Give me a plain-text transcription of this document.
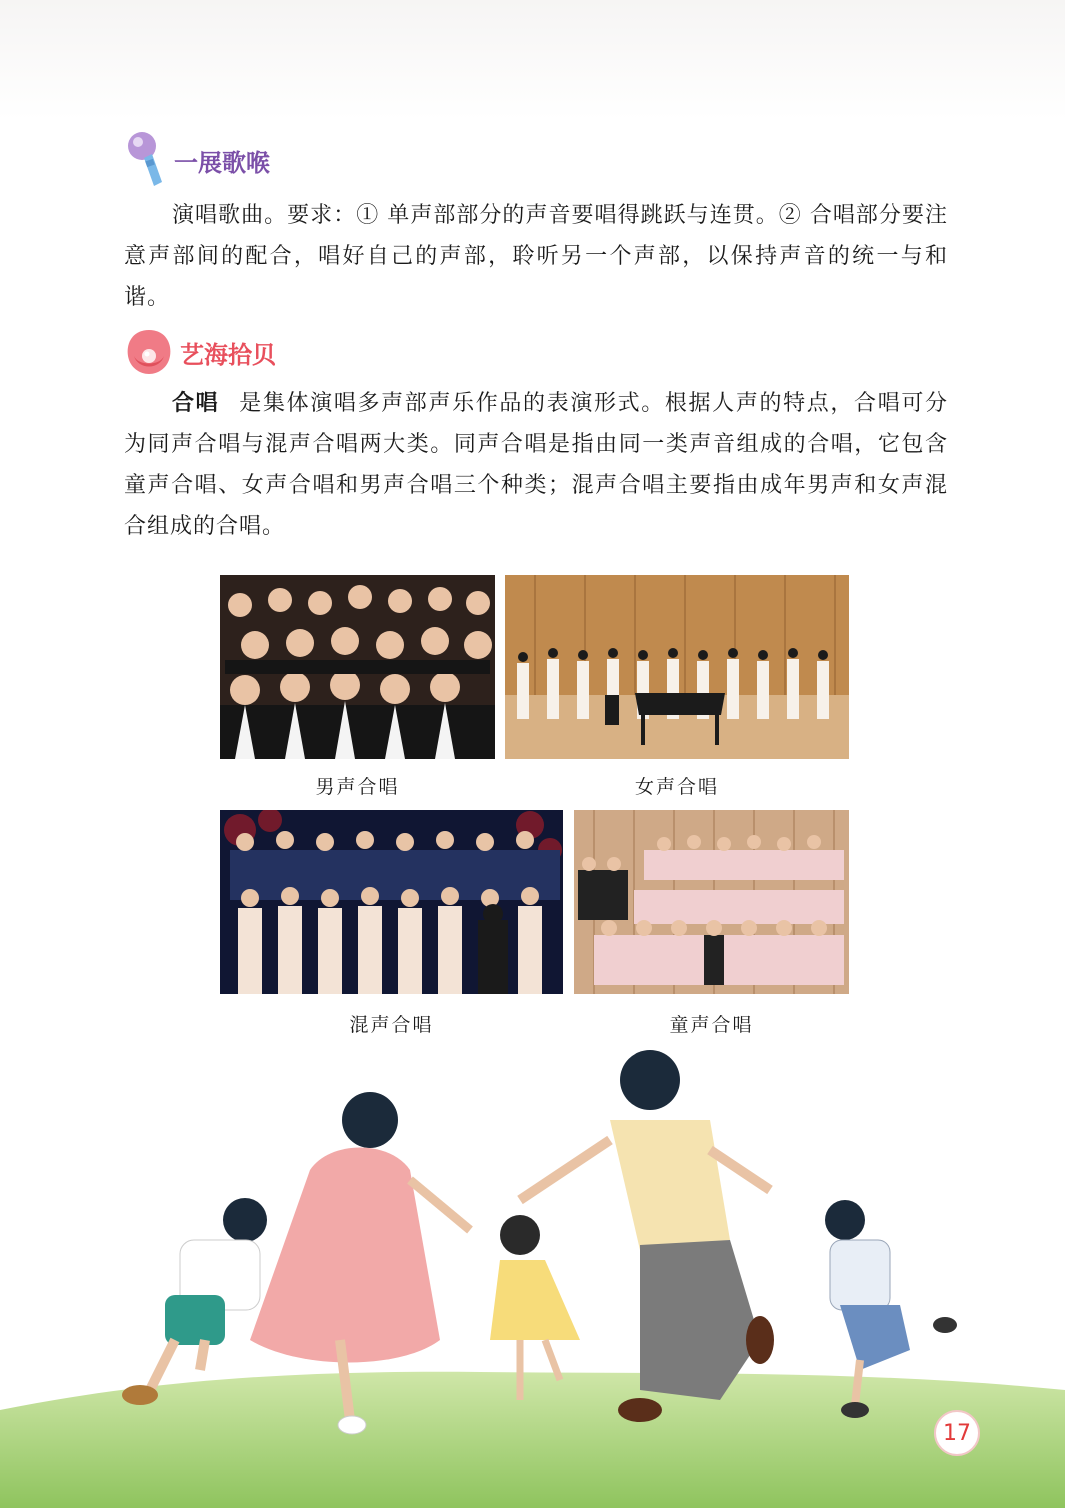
一展歌喉

演唱歌曲。要求：① 单声部部分的声音要唱得跳跃与连贯。② 合唱部分要注意声部间的配合，唱好自己的声部，聆听另一个声部，以保持声音的统一与和谐。

艺海拾贝

合唱 是集体演唱多声部声乐作品的表演形式。根据人声的特点，合唱可分为同声合唱与混声合唱两大类。同声合唱是指由同一类声音组成的合唱，它包含童声合唱、女声合唱和男声合唱三个种类；混声合唱主要指由成年男声和女声混合组成的合唱。

男声合唱	女声合唱
混声合唱	童声合唱
17
